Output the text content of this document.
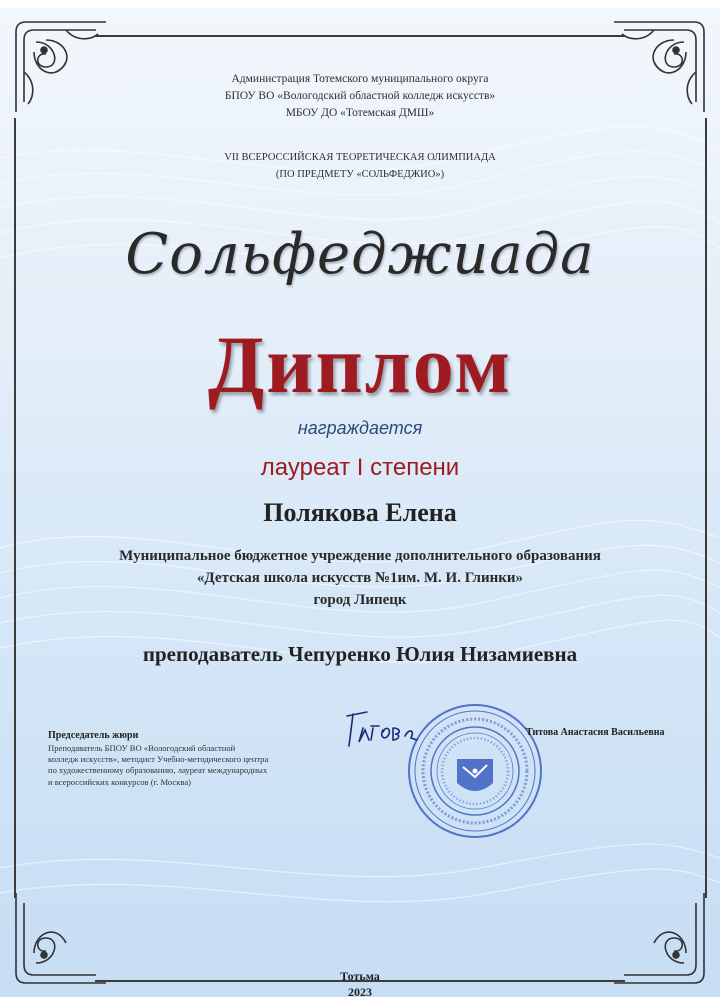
Администрация Тотемского муниципального округа
БПОУ ВО «Вологодский областной колледж искусств»
МБОУ ДО «Тотемская ДМШ»
VII ВСЕРОССИЙСКАЯ ТЕОРЕТИЧЕСКАЯ ОЛИМПИАДА
(ПО ПРЕДМЕТУ «СОЛЬФЕДЖИО»)
Сольфеджиада
Диплом
награждается
лауреат I степени
Полякова Елена
Муниципальное бюджетное учреждение дополнительного образования
«Детская школа искусств №1им. М. И. Глинки»
город Липецк
преподаватель Чепуренко Юлия Низамиевна
Председатель жюри
Преподаватель БПОУ ВО «Вологодский областной
колледж искусств», методист Учебно-методического центра
по художественному образованию, лауреат международных
и всероссийских конкурсов (г. Москва)
Титова Анастасия Васильевна
Тотьма
2023
